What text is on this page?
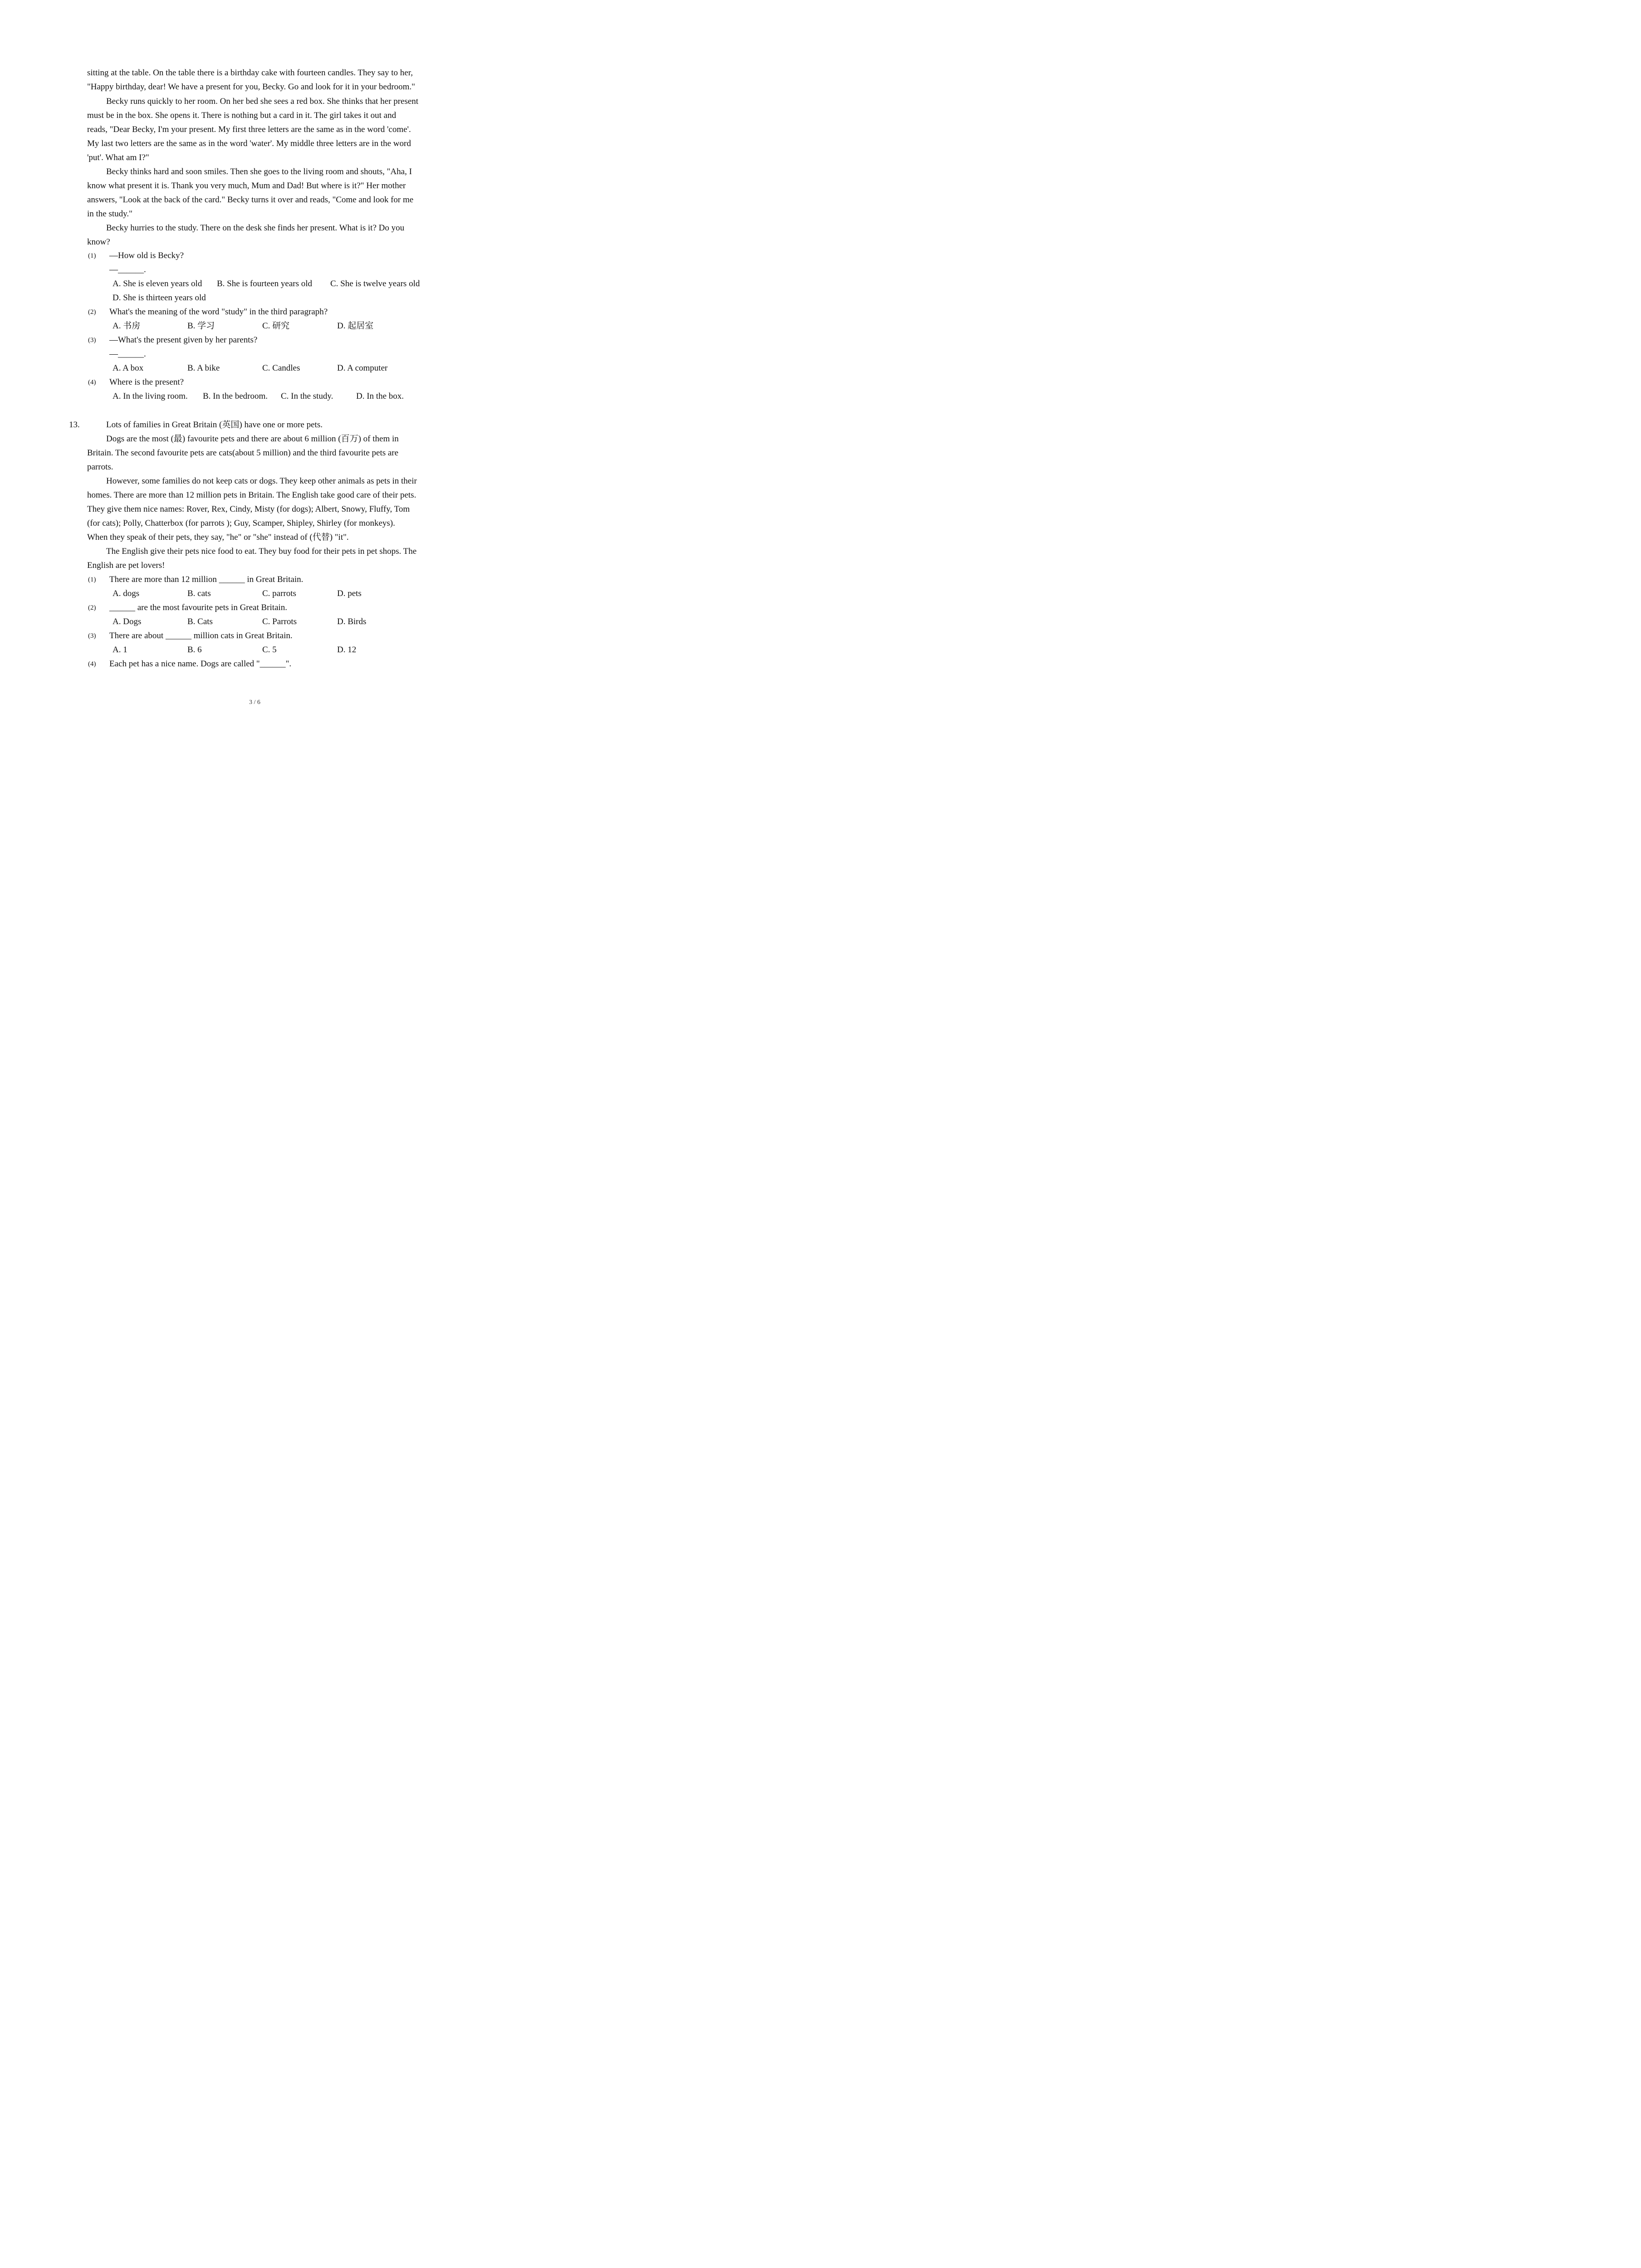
sitting at the table. On the table there is a birthday cake with fourteen candles. They say to her,
"Happy birthday, dear! We have a present for you, Becky. Go and look for it in your bedroom."
Becky runs quickly to her room. On her bed she sees a red box. She thinks that her present
must be in the box. She opens it. There is nothing but a card in it. The girl takes it out and
reads, "Dear Becky, I'm your present. My first three letters are the same as in the word 'come'.
My last two letters are the same as in the word 'water'. My middle three letters are in the word
'put'. What am I?"
Becky thinks hard and soon smiles. Then she goes to the living room and shouts, "Aha, I
know what present it is. Thank you very much, Mum and Dad! But where is it?" Her mother
answers, "Look at the back of the card." Becky turns it over and reads, "Come and look for me
in the study."
Becky hurries to the study. There on the desk she finds her present. What is it? Do you
know?
(1) —How old is Becky?
—______.
A. She is eleven years old B. She is fourteen years old C. She is twelve years old
D. She is thirteen years old
(2) What's the meaning of the word "study" in the third paragraph?
A. 书房	B. 学习	C. 研究	D. 起居室
(3) —What's the present given by her parents?
—______.
A. A box	B. A bike	C. Candles	D. A computer
(4) Where is the present?
A. In the living room. B. In the bedroom. C. In the study.	D. In the box.
13.	Lots of families in Great Britain (英国) have one or more pets.
Dogs are the most (最) favourite pets and there are about 6 million (百万) of them in
Britain. The second favourite pets are cats(about 5 million) and the third favourite pets are
parrots.
However, some families do not keep cats or dogs. They keep other animals as pets in their
homes. There are more than 12 million pets in Britain. The English take good care of their pets.
They give them nice names: Rover, Rex, Cindy, Misty (for dogs); Albert, Snowy, Fluffy, Tom
(for cats); Polly, Chatterbox (for parrots ); Guy, Scamper, Shipley, Shirley (for monkeys).
When they speak of their pets, they say, "he" or "she" instead of (代替) "it".
The English give their pets nice food to eat. They buy food for their pets in pet shops. The
English are pet lovers!
(1) There are more than 12 million ______ in Great Britain.
A. dogs	B. cats	C. parrots	D. pets
(2) ______ are the most favourite pets in Great Britain.
A. Dogs	B. Cats	C. Parrots	D. Birds
(3) There are about ______ million cats in Great Britain.
A. 1	B. 6	C. 5	D. 12
(4) Each pet has a nice name. Dogs are called "______".
3 / 6
